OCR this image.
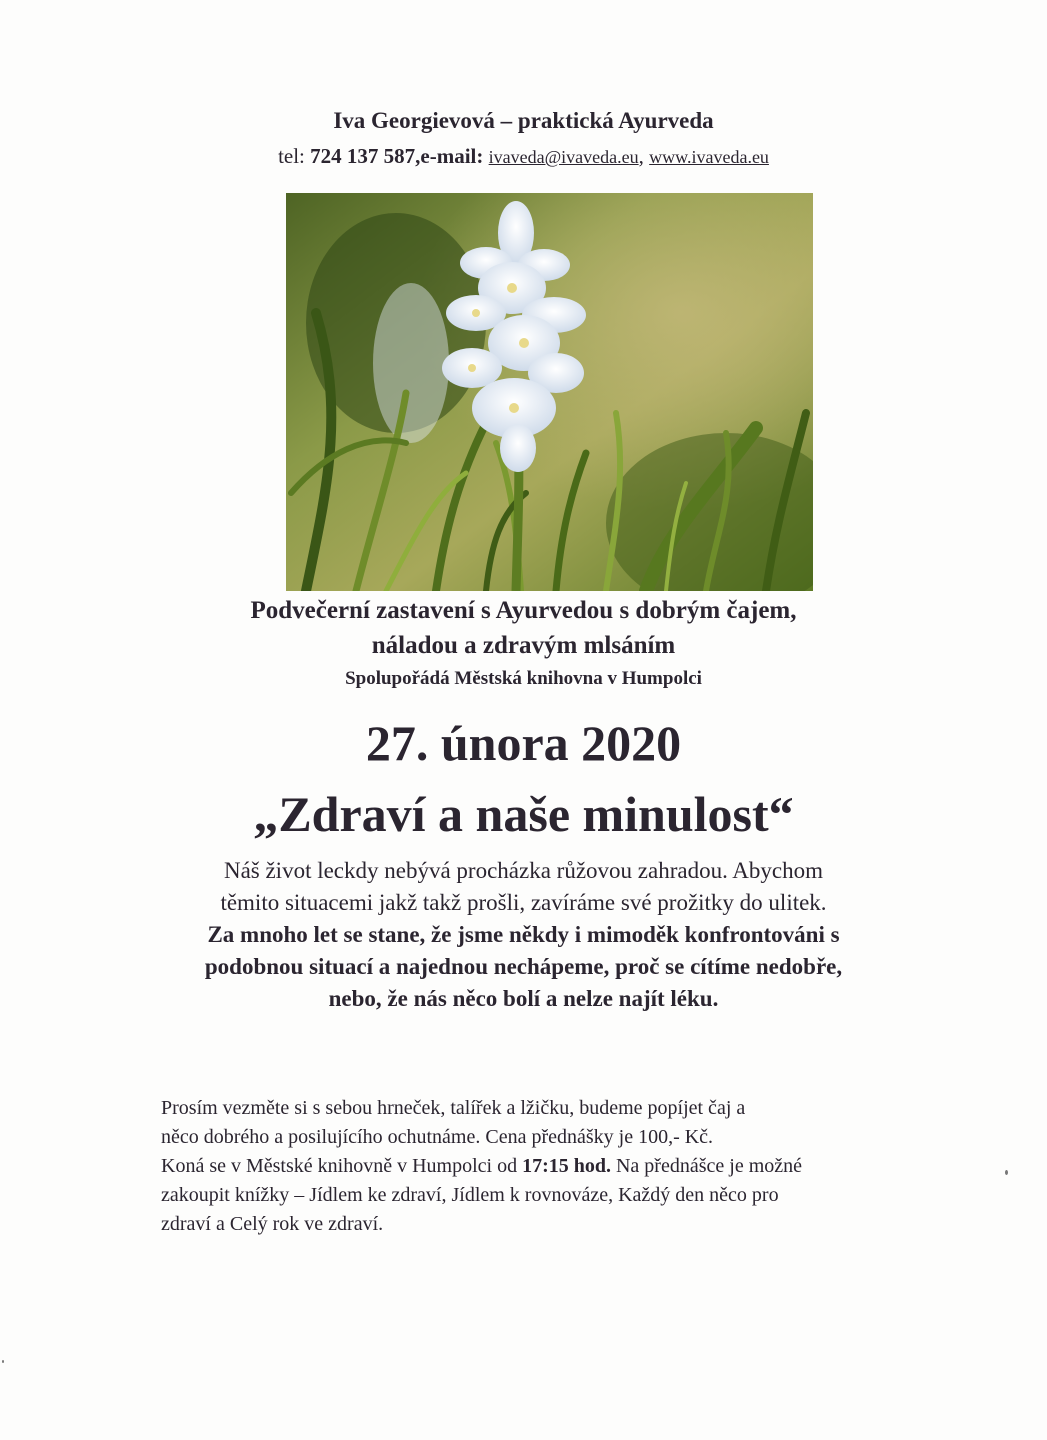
Iva Georgievová – praktická Ayurveda
tel: 724 137 587,e-mail: ivaveda@ivaveda.eu, www.ivaveda.eu
Podvečerní zastavení s Ayurvedou s dobrým čajem,
náladou a zdravým mlsáním
Spolupořádá Městská knihovna v Humpolci
27. února 2020
„Zdraví a naše minulost“
Náš život leckdy nebývá procházka růžovou zahradou. Abychom
těmito situacemi jakž takž prošli, zavíráme své prožitky do ulitek.
Za mnoho let se stane, že jsme někdy i mimoděk konfrontováni s
podobnou situací a najednou nechápeme, proč se cítíme nedobře,
nebo, že nás něco bolí a nelze najít léku.
Prosím vezměte si s sebou hrneček, talířek a lžičku, budeme popíjet čaj a
něco dobrého a posilujícího ochutnáme. Cena přednášky je 100,- Kč.
Koná se v Městské knihovně v Humpolci od 17:15 hod. Na přednášce je možné
zakoupit knížky – Jídlem ke zdraví, Jídlem k rovnováze, Každý den něco pro
zdraví a Celý rok ve zdraví.
